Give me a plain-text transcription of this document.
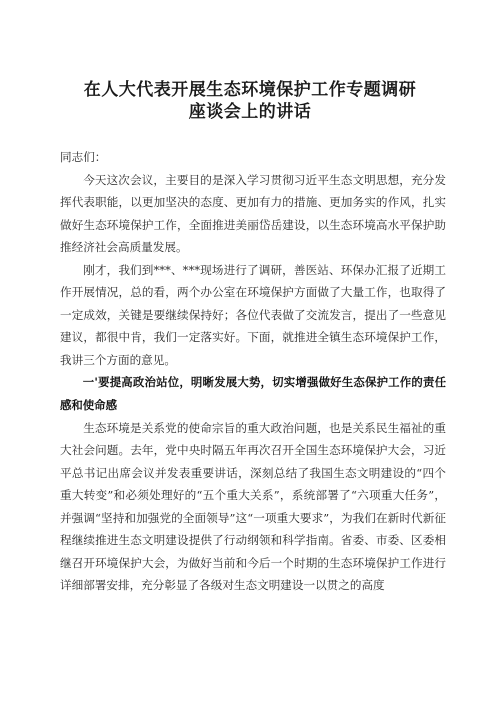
在人大代表开展生态环境保护工作专题调研
座谈会上的讲话

同志们：

今天这次会议，主要目的是深入学习贯彻习近平生态文明思想，充分发挥代表职能，以更加坚决的态度、更加有力的措施、更加务实的作风，扎实做好生态环境保护工作，全面推进美丽岱岳建设，以生态环境高水平保护助推经济社会高质量发展。

刚才，我们到***、***现场进行了调研，善医站、环保办汇报了近期工作开展情况，总的看，两个办公室在环境保护方面做了大量工作，也取得了一定成效，关键是要继续保持好；各位代表做了交流发言，提出了一些意见建议，都很中肯，我们一定落实好。下面，就推进全镇生态环境保护工作，我讲三个方面的意见。

一'要提高政治站位，明晰发展大势，切实增强做好生态保护工作的责任感和使命感

生态环境是关系党的使命宗旨的重大政治问题，也是关系民生福祉的重大社会问题。去年，党中央时隔五年再次召开全国生态环境保护大会，习近平总书记出席会议并发表重要讲话，深刻总结了我国生态文明建设的“四个重大转变”和必须处理好的“五个重大关系”，系统部署了“六项重大任务”，并强调“坚持和加强党的全面领导”这“一项重大要求”，为我们在新时代新征程继续推进生态文明建设提供了行动纲领和科学指南。省委、市委、区委相继召开环境保护大会，为做好当前和今后一个时期的生态环境保护工作进行详细部署安排，充分彰显了各级对生态文明建设一以贯之的高度
